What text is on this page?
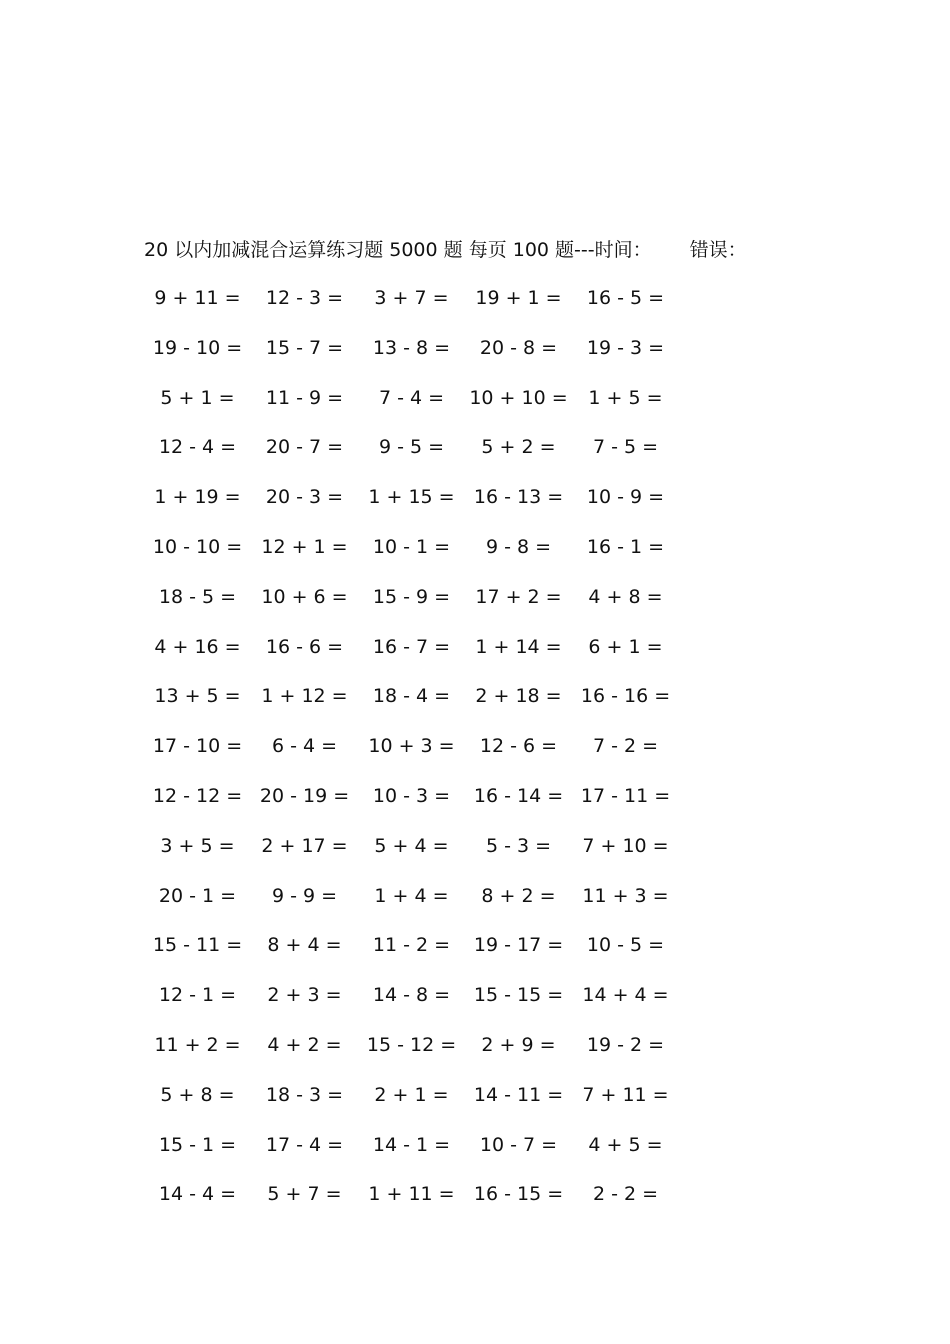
20 以内加减混合运算练习题 5000 题 每页 100 题---时间： 错误：
9 + 11 =	12 - 3 =	3 + 7 =	19 + 1 =	16 - 5 =
19 - 10 =	15 - 7 =	13 - 8 =	20 - 8 =	19 - 3 =
5 + 1 =	11 - 9 =	7 - 4 =	10 + 10 =	1 + 5 =
12 - 4 =	20 - 7 =	9 - 5 =	5 + 2 =	7 - 5 =
1 + 19 =	20 - 3 =	1 + 15 =	16 - 13 =	10 - 9 =
10 - 10 =	12 + 1 =	10 - 1 =	9 - 8 =	16 - 1 =
18 - 5 =	10 + 6 =	15 - 9 =	17 + 2 =	4 + 8 =
4 + 16 =	16 - 6 =	16 - 7 =	1 + 14 =	6 + 1 =
13 + 5 =	1 + 12 =	18 - 4 =	2 + 18 =	16 - 16 =
17 - 10 =	6 - 4 =	10 + 3 =	12 - 6 =	7 - 2 =
12 - 12 = 20 - 19 =	10 - 3 =	16 - 14 = 17 - 11 =
3 + 5 =	2 + 17 =	5 + 4 =	5 - 3 =	7 + 10 =
20 - 1 =	9 - 9 =	1 + 4 =	8 + 2 =	11 + 3 =
15 - 11 =	8 + 4 =	11 - 2 =	19 - 17 =	10 - 5 =
12 - 1 =	2 + 3 =	14 - 8 =	15 - 15 =	14 + 4 =
11 + 2 =	4 + 2 =	15 - 12 =	2 + 9 =	19 - 2 =
5 + 8 =	18 - 3 =	2 + 1 =	14 - 11 =	7 + 11 =
15 - 1 =	17 - 4 =	14 - 1 =	10 - 7 =	4 + 5 =
14 - 4 =	5 + 7 =	1 + 11 =	16 - 15 =	2 - 2 =
